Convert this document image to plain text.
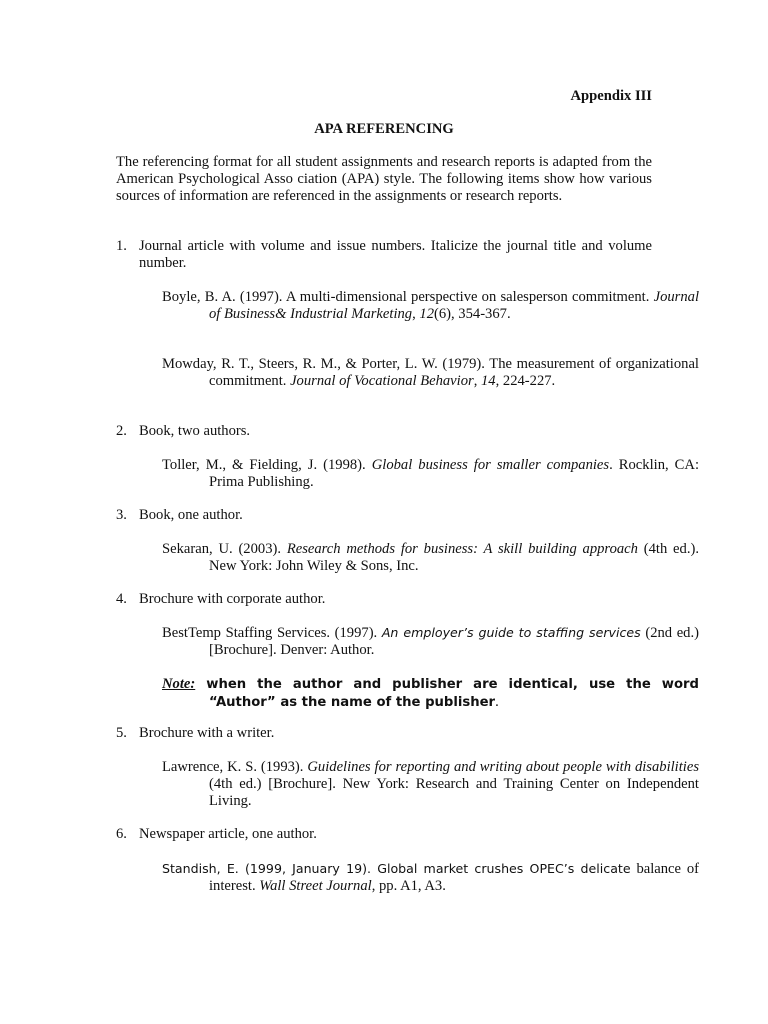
Appendix III
APA REFERENCING
The referencing format for all student assignments and research reports is adapted from the American Psychological Asso ciation (APA) style. The following items show how various sources of information are referenced in the assignments or research reports.
1. Journal article with volume and issue numbers. Italicize the journal title and volume number.
Boyle, B. A. (1997). A multi-dimensional perspective on salesperson commitment. Journal of Business& Industrial Marketing, 12(6), 354-367.
Mowday, R. T., Steers, R. M., & Porter, L. W. (1979). The measurement of organizational commitment. Journal of Vocational Behavior, 14, 224-227.
2. Book, two authors.
Toller, M., & Fielding, J. (1998). Global business for smaller companies. Rocklin, CA: Prima Publishing.
3. Book, one author.
Sekaran, U. (2003). Research methods for business: A skill building approach (4th ed.). New York: John Wiley & Sons, Inc.
4. Brochure with corporate author.
BestTemp Staffing Services. (1997). An employer’s guide to staffing services (2nd ed.) [Brochure]. Denver: Author.
Note: when the author and publisher are identical, use the word “Author” as the name of the publisher.
5. Brochure with a writer.
Lawrence, K. S. (1993). Guidelines for reporting and writing about people with disabilities (4th ed.) [Brochure]. New York: Research and Training Center on Independent Living.
6. Newspaper article, one author.
Standish, E. (1999, January 19). Global market crushes OPEC’s delicate balance of interest. Wall Street Journal, pp. A1, A3.
